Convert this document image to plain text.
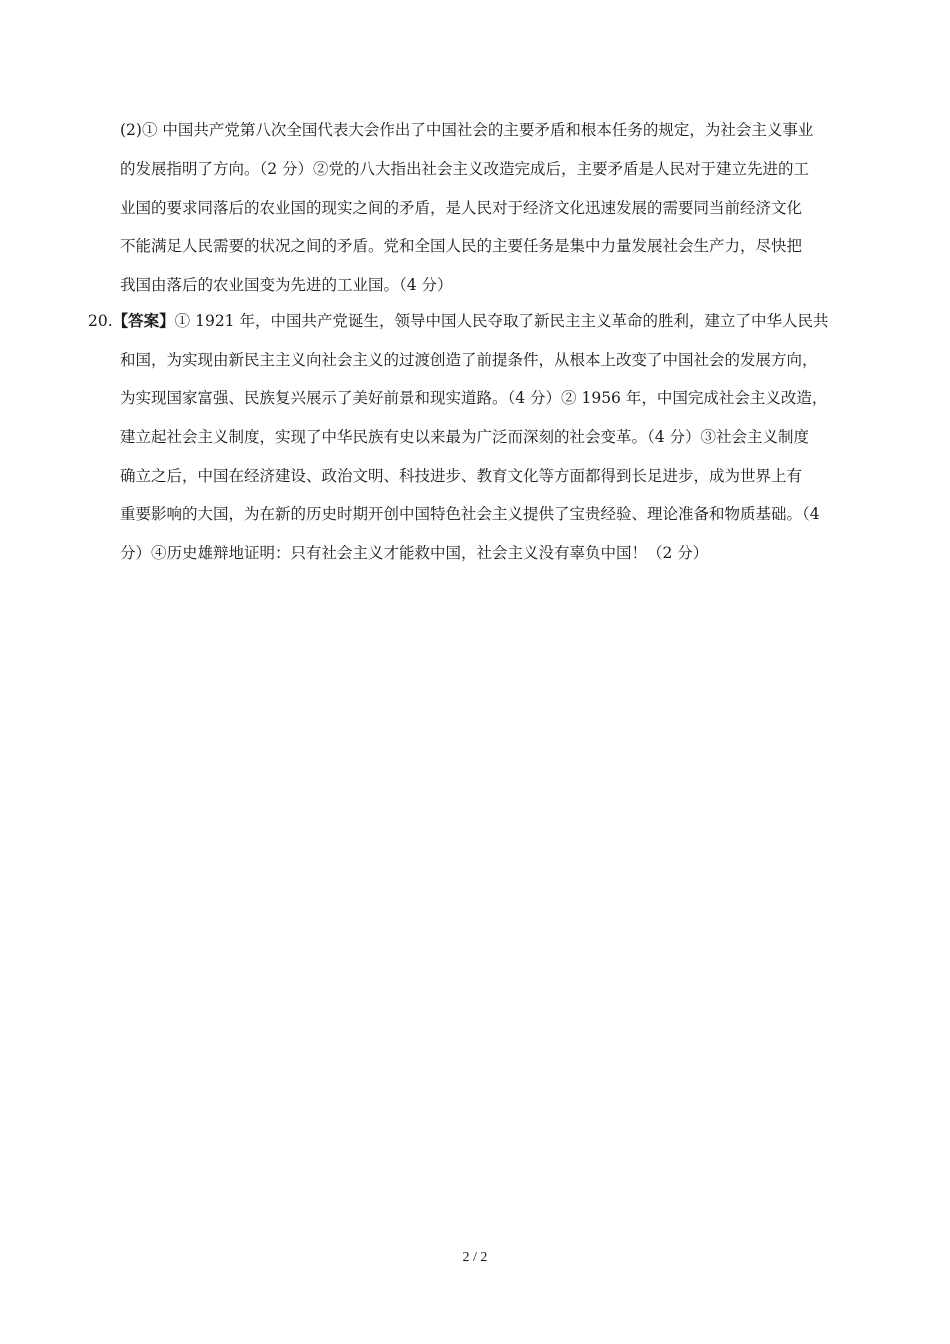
(2)① 中国共产党第八次全国代表大会作出了中国社会的主要矛盾和根本任务的规定，为社会主义事业
的发展指明了方向。（2 分）②党的八大指出社会主义改造完成后，主要矛盾是人民对于建立先进的工
业国的要求同落后的农业国的现实之间的矛盾，是人民对于经济文化迅速发展的需要同当前经济文化
不能满足人民需要的状况之间的矛盾。党和全国人民的主要任务是集中力量发展社会生产力，尽快把
我国由落后的农业国变为先进的工业国。（4 分）
20.【答案】① 1921 年，中国共产党诞生，领导中国人民夺取了新民主主义革命的胜利，建立了中华人民共
和国，为实现由新民主主义向社会主义的过渡创造了前提条件，从根本上改变了中国社会的发展方向，
为实现国家富强、民族复兴展示了美好前景和现实道路。（4 分）② 1956 年，中国完成社会主义改造，
建立起社会主义制度，实现了中华民族有史以来最为广泛而深刻的社会变革。（4 分）③社会主义制度
确立之后，中国在经济建设、政治文明、科技进步、教育文化等方面都得到长足进步，成为世界上有
重要影响的大国，为在新的历史时期开创中国特色社会主义提供了宝贵经验、理论准备和物质基础。（4
分）④历史雄辩地证明：只有社会主义才能救中国，社会主义没有辜负中国！（2 分）
2 / 2
